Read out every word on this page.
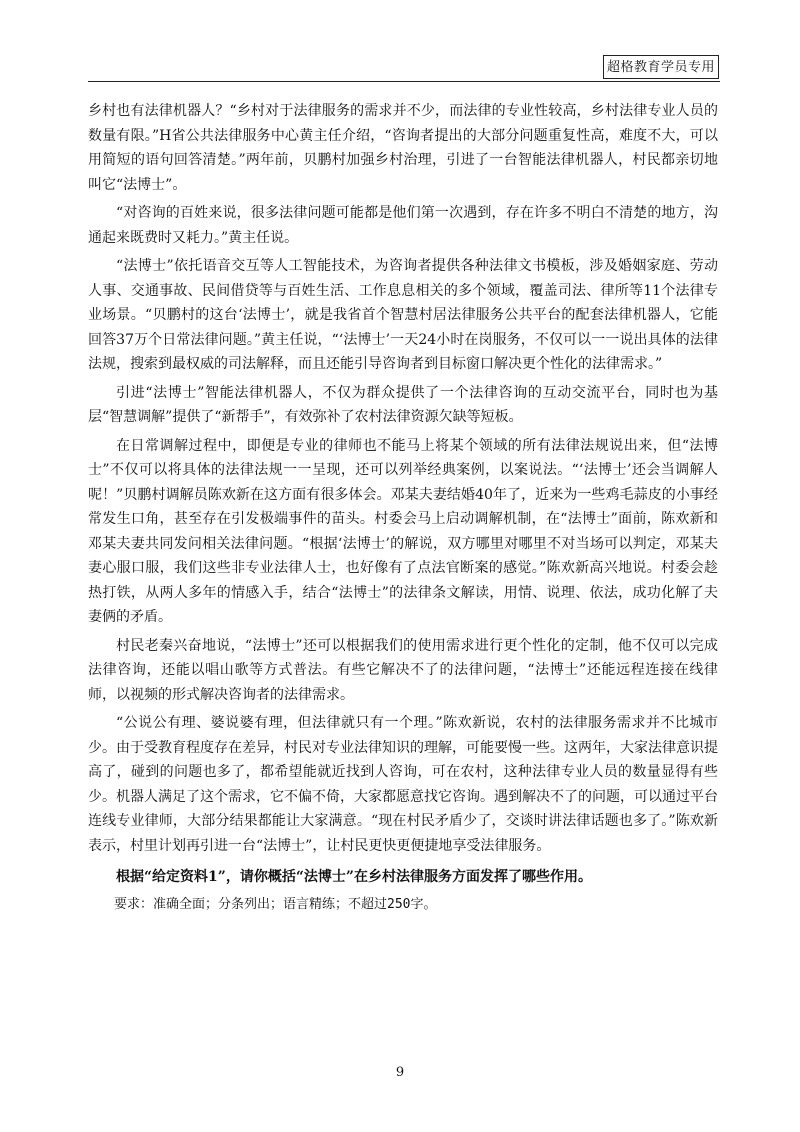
超格教育学员专用

乡村也有法律机器人？“乡村对于法律服务的需求并不少，而法律的专业性较高，乡村法律专业人员的数量有限。”H省公共法律服务中心黄主任介绍，“咨询者提出的大部分问题重复性高，难度不大，可以用简短的语句回答清楚。”两年前，贝鹏村加强乡村治理，引进了一台智能法律机器人，村民都亲切地叫它“法博士”。

“对咨询的百姓来说，很多法律问题可能都是他们第一次遇到，存在许多不明白不清楚的地方，沟通起来既费时又耗力。”黄主任说。

“法博士”依托语音交互等人工智能技术，为咨询者提供各种法律文书模板，涉及婚姻家庭、劳动人事、交通事故、民间借贷等与百姓生活、工作息息相关的多个领域，覆盖司法、律所等11个法律专业场景。“贝鹏村的这台‘法博士’，就是我省首个智慧村居法律服务公共平台的配套法律机器人，它能回答37万个日常法律问题。”黄主任说，“‘法博士’一天24小时在岗服务，不仅可以一一说出具体的法律法规，搜索到最权威的司法解释，而且还能引导咨询者到目标窗口解决更个性化的法律需求。”

引进“法博士”智能法律机器人，不仅为群众提供了一个法律咨询的互动交流平台，同时也为基层“智慧调解”提供了“新帮手”，有效弥补了农村法律资源欠缺等短板。

在日常调解过程中，即便是专业的律师也不能马上将某个领域的所有法律法规说出来，但“法博士”不仅可以将具体的法律法规一一呈现，还可以列举经典案例，以案说法。“‘法博士’还会当调解人呢！”贝鹏村调解员陈欢新在这方面有很多体会。邓某夫妻结婚40年了，近来为一些鸡毛蒜皮的小事经常发生口角，甚至存在引发极端事件的苗头。村委会马上启动调解机制，在“法博士”面前，陈欢新和邓某夫妻共同发问相关法律问题。“根据‘法博士’的解说，双方哪里对哪里不对当场可以判定，邓某夫妻心服口服，我们这些非专业法律人士，也好像有了点法官断案的感觉。”陈欢新高兴地说。村委会趁热打铁，从两人多年的情感入手，结合“法博士”的法律条文解读，用情、说理、依法，成功化解了夫妻俩的矛盾。

村民老秦兴奋地说，“法博士”还可以根据我们的使用需求进行更个性化的定制，他不仅可以完成法律咨询，还能以唱山歌等方式普法。有些它解决不了的法律问题，“法博士”还能远程连接在线律师，以视频的形式解决咨询者的法律需求。

“公说公有理、婆说婆有理，但法律就只有一个理。”陈欢新说，农村的法律服务需求并不比城市少。由于受教育程度存在差异，村民对专业法律知识的理解，可能要慢一些。这两年，大家法律意识提高了，碰到的问题也多了，都希望能就近找到人咨询，可在农村，这种法律专业人员的数量显得有些少。机器人满足了这个需求，它不偏不倚，大家都愿意找它咨询。遇到解决不了的问题，可以通过平台连线专业律师，大部分结果都能让大家满意。“现在村民矛盾少了，交谈时讲法律话题也多了。”陈欢新表示，村里计划再引进一台“法博士”，让村民更快更便捷地享受法律服务。

根据“给定资料1”，请你概括“法博士”在乡村法律服务方面发挥了哪些作用。

要求：准确全面；分条列出；语言精练；不超过250字。

9
